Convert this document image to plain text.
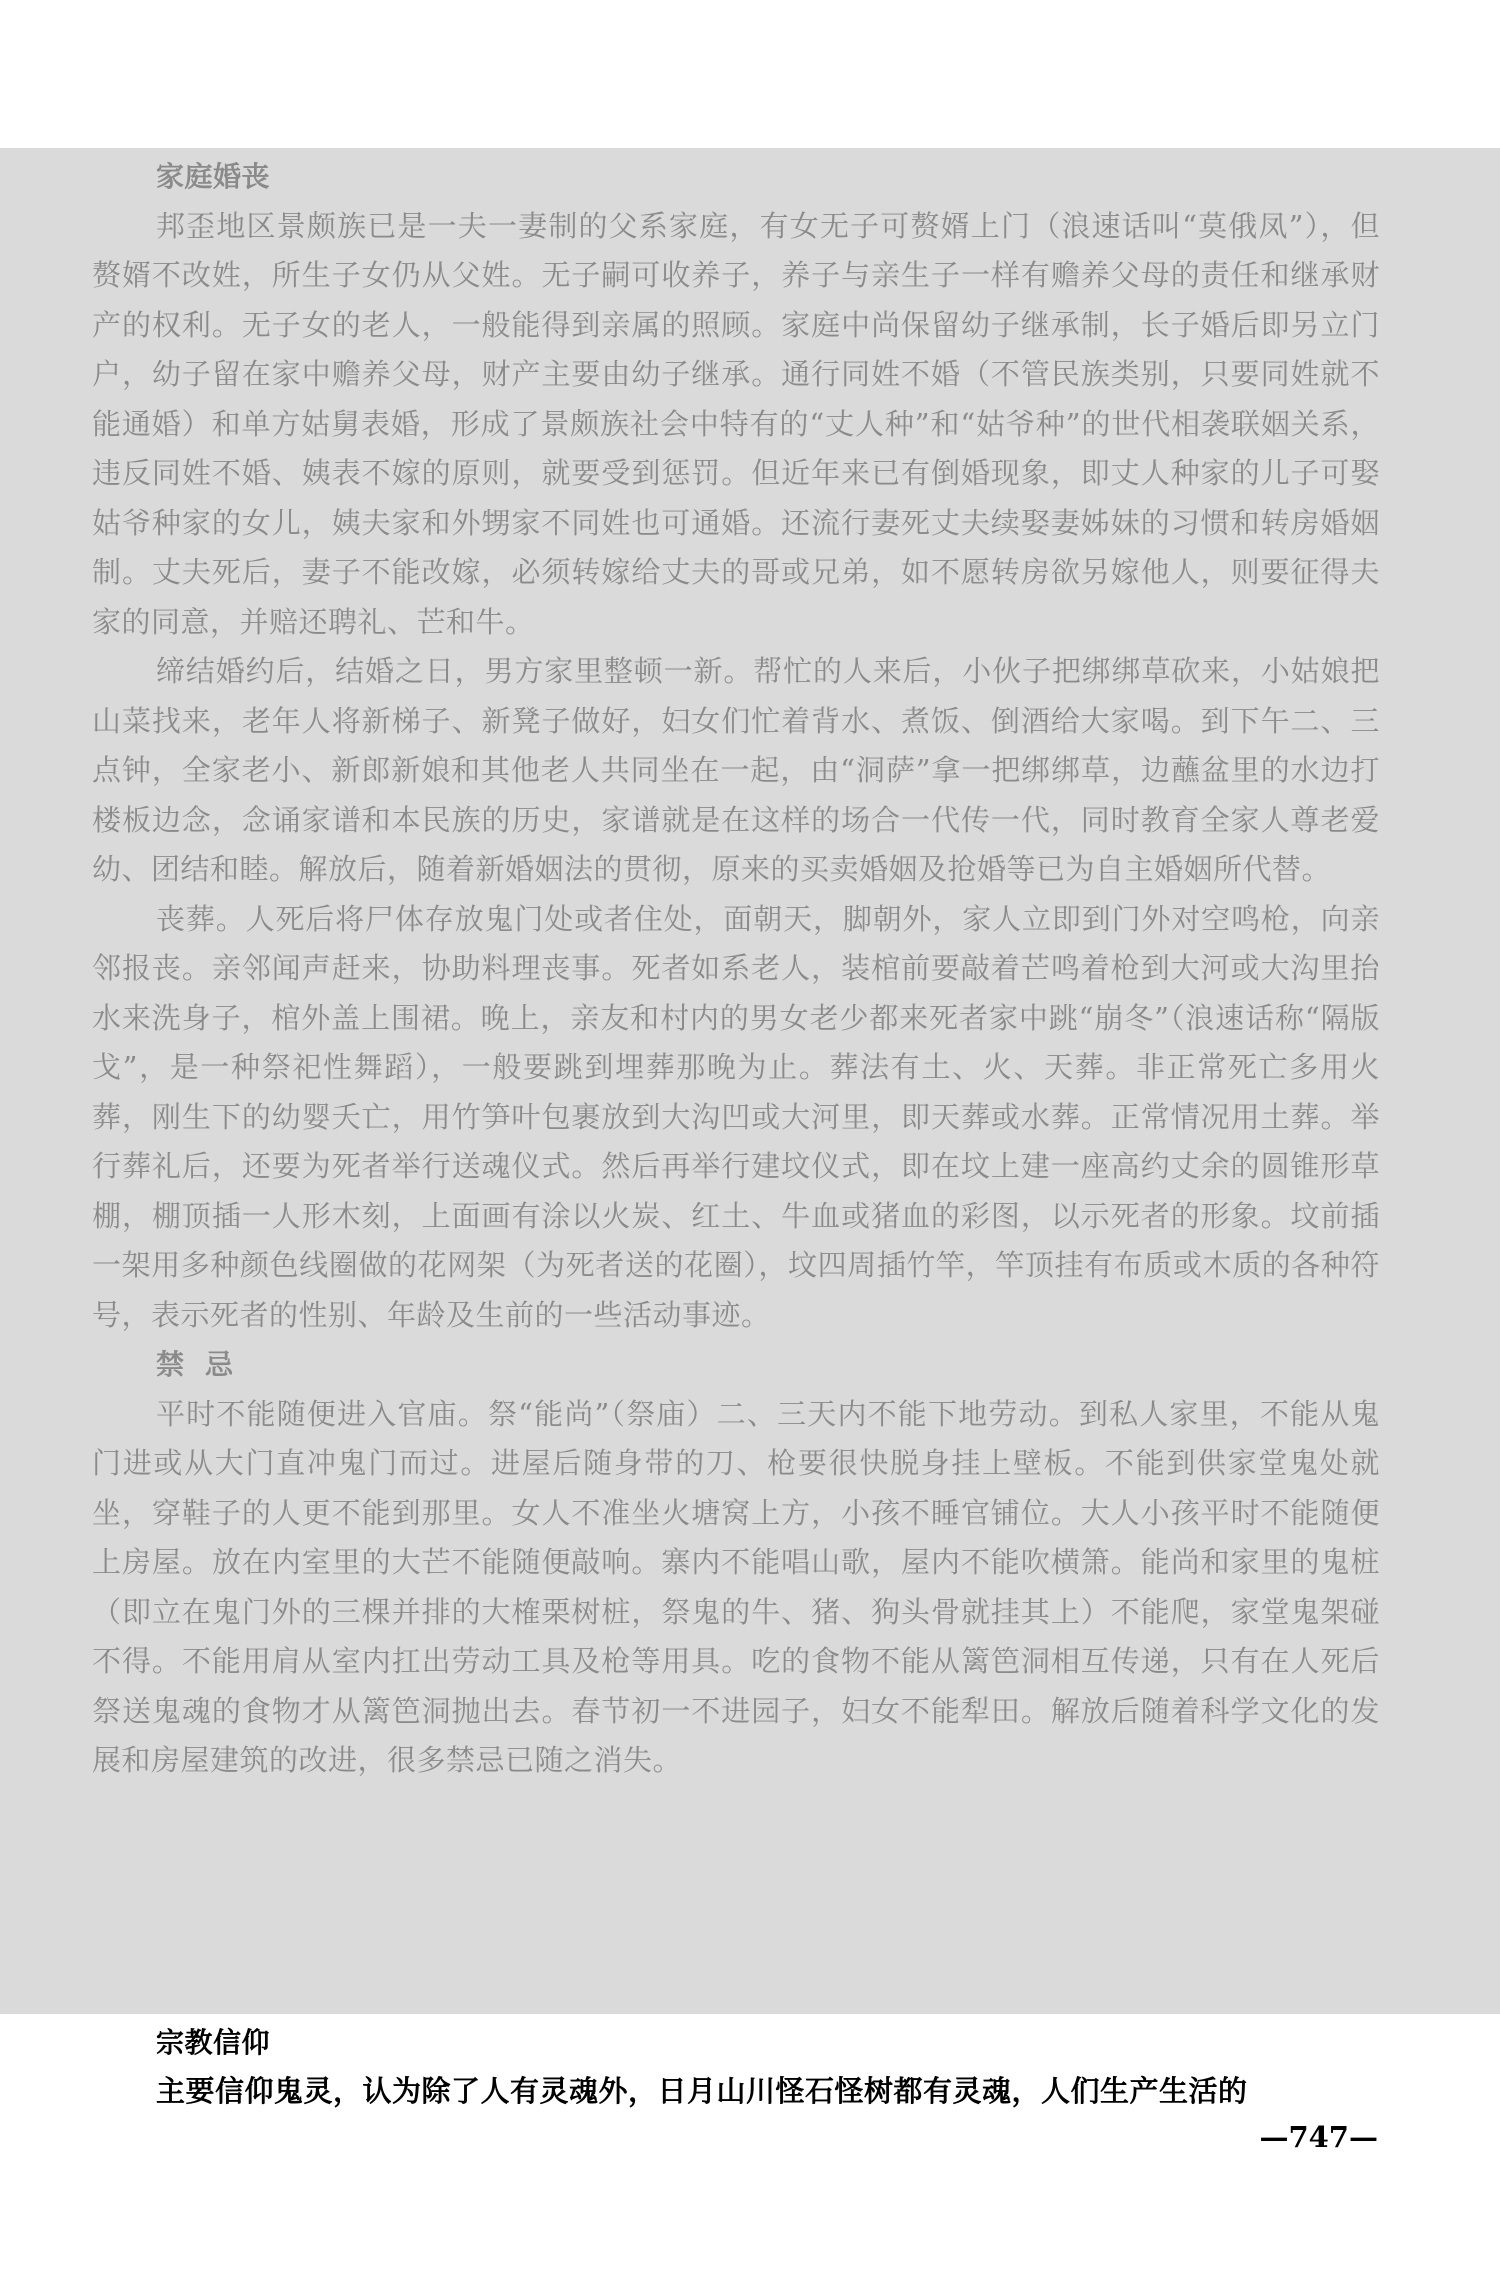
家庭婚丧

邦歪地区景颇族已是一夫一妻制的父系家庭，有女无子可赘婿上门（浪速话叫“莫俄凤”），但赘婿不改姓，所生子女仍从父姓。无子嗣可收养子，养子与亲生子一样有赡养父母的责任和继承财产的权利。无子女的老人，一般能得到亲属的照顾。家庭中尚保留幼子继承制，长子婚后即另立门户，幼子留在家中赡养父母，财产主要由幼子继承。通行同姓不婚（不管民族类别，只要同姓就不能通婚）和单方姑舅表婚，形成了景颇族社会中特有的“丈人种”和“姑爷种”的世代相袭联姻关系，违反同姓不婚、姨表不嫁的原则，就要受到惩罚。但近年来已有倒婚现象，即丈人种家的儿子可娶姑爷种家的女儿，姨夫家和外甥家不同姓也可通婚。还流行妻死丈夫续娶妻姊妹的习惯和转房婚姻制。丈夫死后，妻子不能改嫁，必须转嫁给丈夫的哥或兄弟，如不愿转房欲另嫁他人，则要征得夫家的同意，并赔还聘礼、芒和牛。

缔结婚约后，结婚之日，男方家里整顿一新。帮忙的人来后，小伙子把绑绑草砍来，小姑娘把山菜找来，老年人将新梯子、新凳子做好，妇女们忙着背水、煮饭、倒酒给大家喝。到下午二、三点钟，全家老小、新郎新娘和其他老人共同坐在一起，由“洞萨”拿一把绑绑草，边蘸盆里的水边打楼板边念，念诵家谱和本民族的历史，家谱就是在这样的场合一代传一代，同时教育全家人尊老爱幼、团结和睦。解放后，随着新婚姻法的贯彻，原来的买卖婚姻及抢婚等已为自主婚姻所代替。

丧葬。人死后将尸体存放鬼门处或者住处，面朝天，脚朝外，家人立即到门外对空鸣枪，向亲邻报丧。亲邻闻声赶来，协助料理丧事。死者如系老人，装棺前要敲着芒鸣着枪到大河或大沟里抬水来洗身子，棺外盖上围裙。晚上，亲友和村内的男女老少都来死者家中跳“崩冬”（浪速话称“隔版戈”，是一种祭祀性舞蹈），一般要跳到埋葬那晚为止。葬法有土、火、天葬。非正常死亡多用火葬，刚生下的幼婴夭亡，用竹笋叶包裹放到大沟凹或大河里，即天葬或水葬。正常情况用土葬。举行葬礼后，还要为死者举行送魂仪式。然后再举行建坟仪式，即在坟上建一座高约丈余的圆锥形草棚，棚顶插一人形木刻，上面画有涂以火炭、红土、牛血或猪血的彩图，以示死者的形象。坟前插一架用多种颜色线圈做的花网架（为死者送的花圈），坟四周插竹竿，竿顶挂有布质或木质的各种符号，表示死者的性别、年龄及生前的一些活动事迹。

禁  忌

平时不能随便进入官庙。祭“能尚”（祭庙）二、三天内不能下地劳动。到私人家里，不能从鬼门进或从大门直冲鬼门而过。进屋后随身带的刀、枪要很快脱身挂上壁板。不能到供家堂鬼处就坐，穿鞋子的人更不能到那里。女人不准坐火塘窝上方，小孩不睡官铺位。大人小孩平时不能随便上房屋。放在内室里的大芒不能随便敲响。寨内不能唱山歌，屋内不能吹横箫。能尚和家里的鬼桩（即立在鬼门外的三棵并排的大榷栗树桩，祭鬼的牛、猪、狗头骨就挂其上）不能爬，家堂鬼架碰不得。不能用肩从室内扛出劳动工具及枪等用具。吃的食物不能从篱笆洞相互传递，只有在人死后祭送鬼魂的食物才从篱笆洞抛出去。春节初一不进园子，妇女不能犁田。解放后随着科学文化的发展和房屋建筑的改进，很多禁忌已随之消失。

宗教信仰

主要信仰鬼灵，认为除了人有灵魂外，日月山川怪石怪树都有灵魂，人们生产生活的

—747—
